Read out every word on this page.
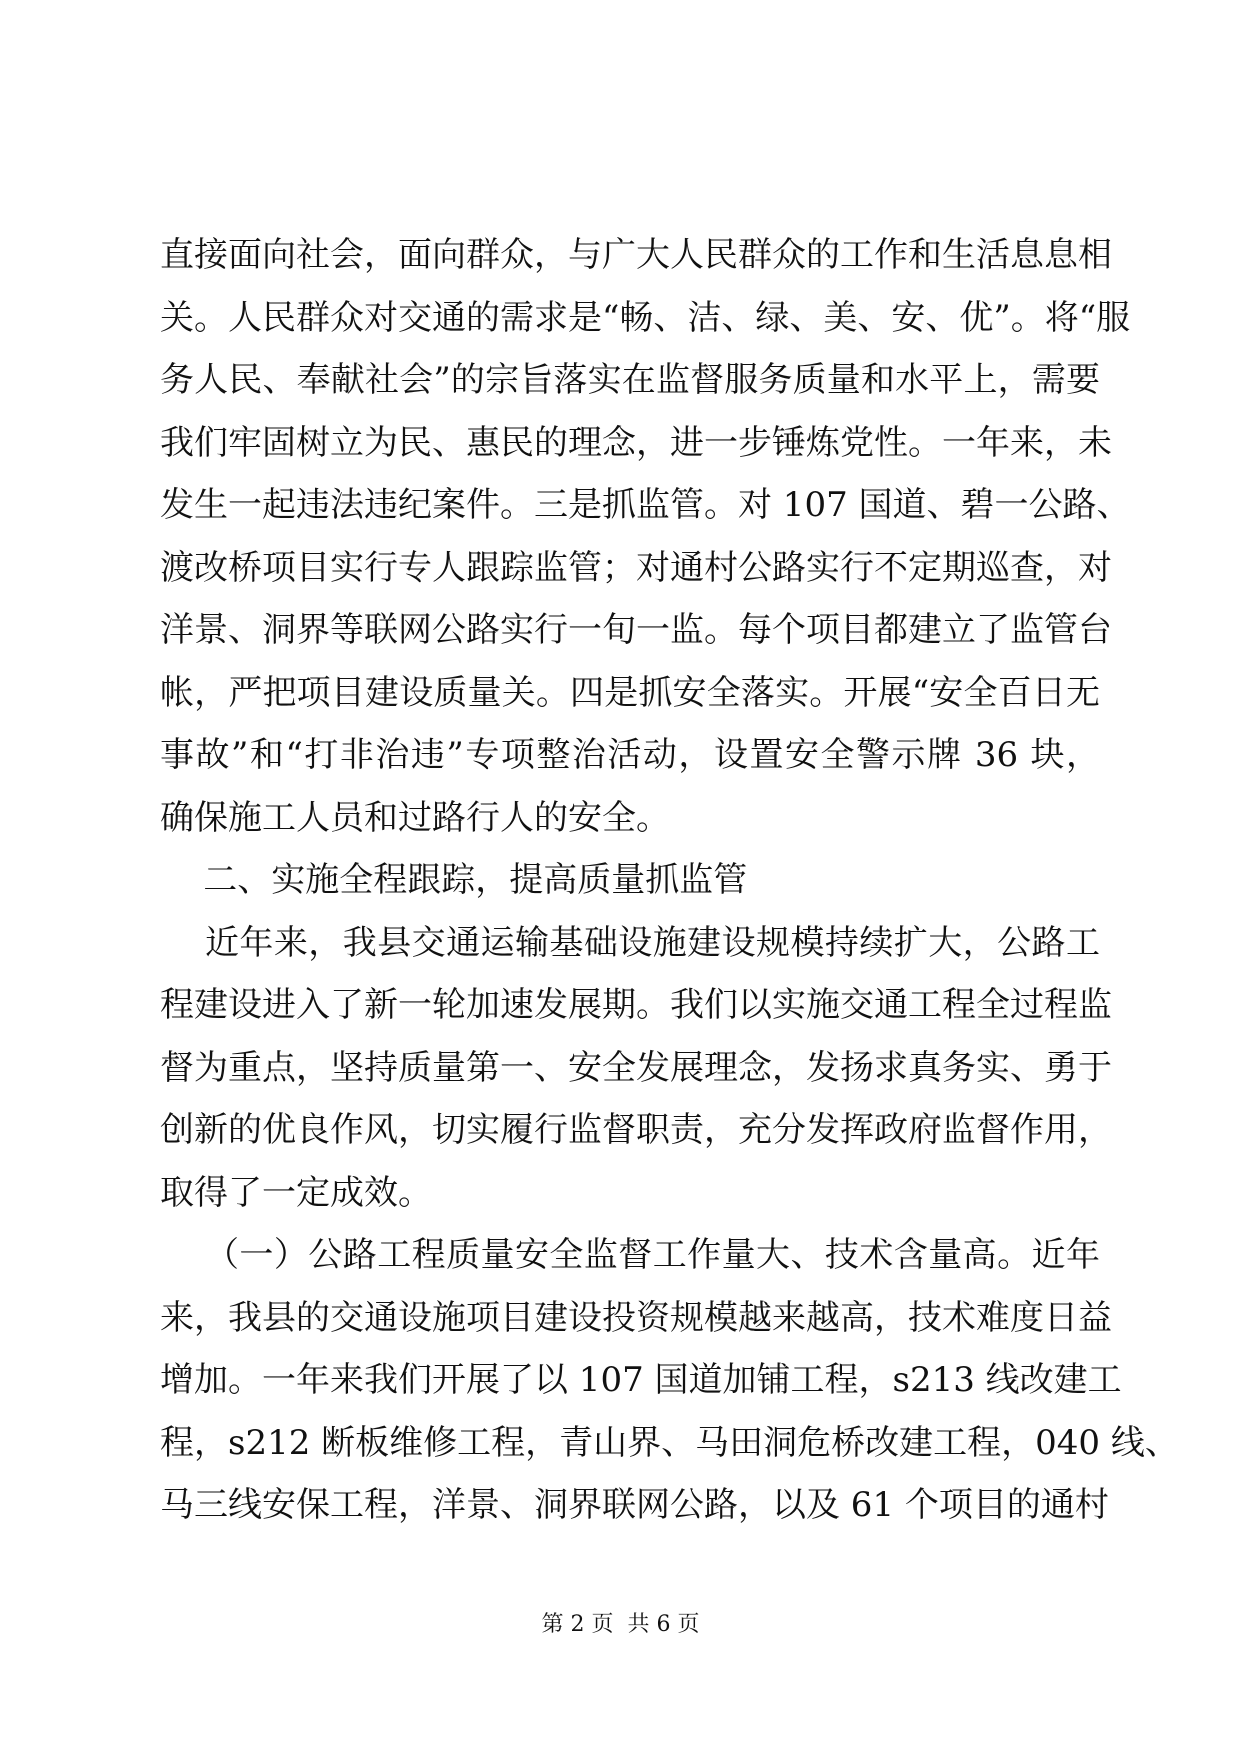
直接面向社会，面向群众，与广大人民群众的工作和生活息息相
关。人民群众对交通的需求是“畅、洁、绿、美、安、优”。将“服
务人民、奉献社会”的宗旨落实在监督服务质量和水平上，需要
我们牢固树立为民、惠民的理念，进一步锤炼党性。一年来，未
发生一起违法违纪案件。三是抓监管。对 107 国道、碧一公路、
渡改桥项目实行专人跟踪监管；对通村公路实行不定期巡查，对
洋景、洞界等联网公路实行一旬一监。每个项目都建立了监管台
帐，严把项目建设质量关。四是抓安全落实。开展“安全百日无
事故”和“打非治违”专项整治活动，设置安全警示牌 36 块，
确保施工人员和过路行人的安全。
二、实施全程跟踪，提高质量抓监管
近年来，我县交通运输基础设施建设规模持续扩大，公路工
程建设进入了新一轮加速发展期。我们以实施交通工程全过程监
督为重点，坚持质量第一、安全发展理念，发扬求真务实、勇于
创新的优良作风，切实履行监督职责，充分发挥政府监督作用，
取得了一定成效。
（一）公路工程质量安全监督工作量大、技术含量高。近年
来，我县的交通设施项目建设投资规模越来越高，技术难度日益
增加。一年来我们开展了以 107 国道加铺工程，s213 线改建工
程，s212 断板维修工程，青山界、马田洞危桥改建工程，040 线、
马三线安保工程，洋景、洞界联网公路，以及 61 个项目的通村
第 2 页  共 6 页
